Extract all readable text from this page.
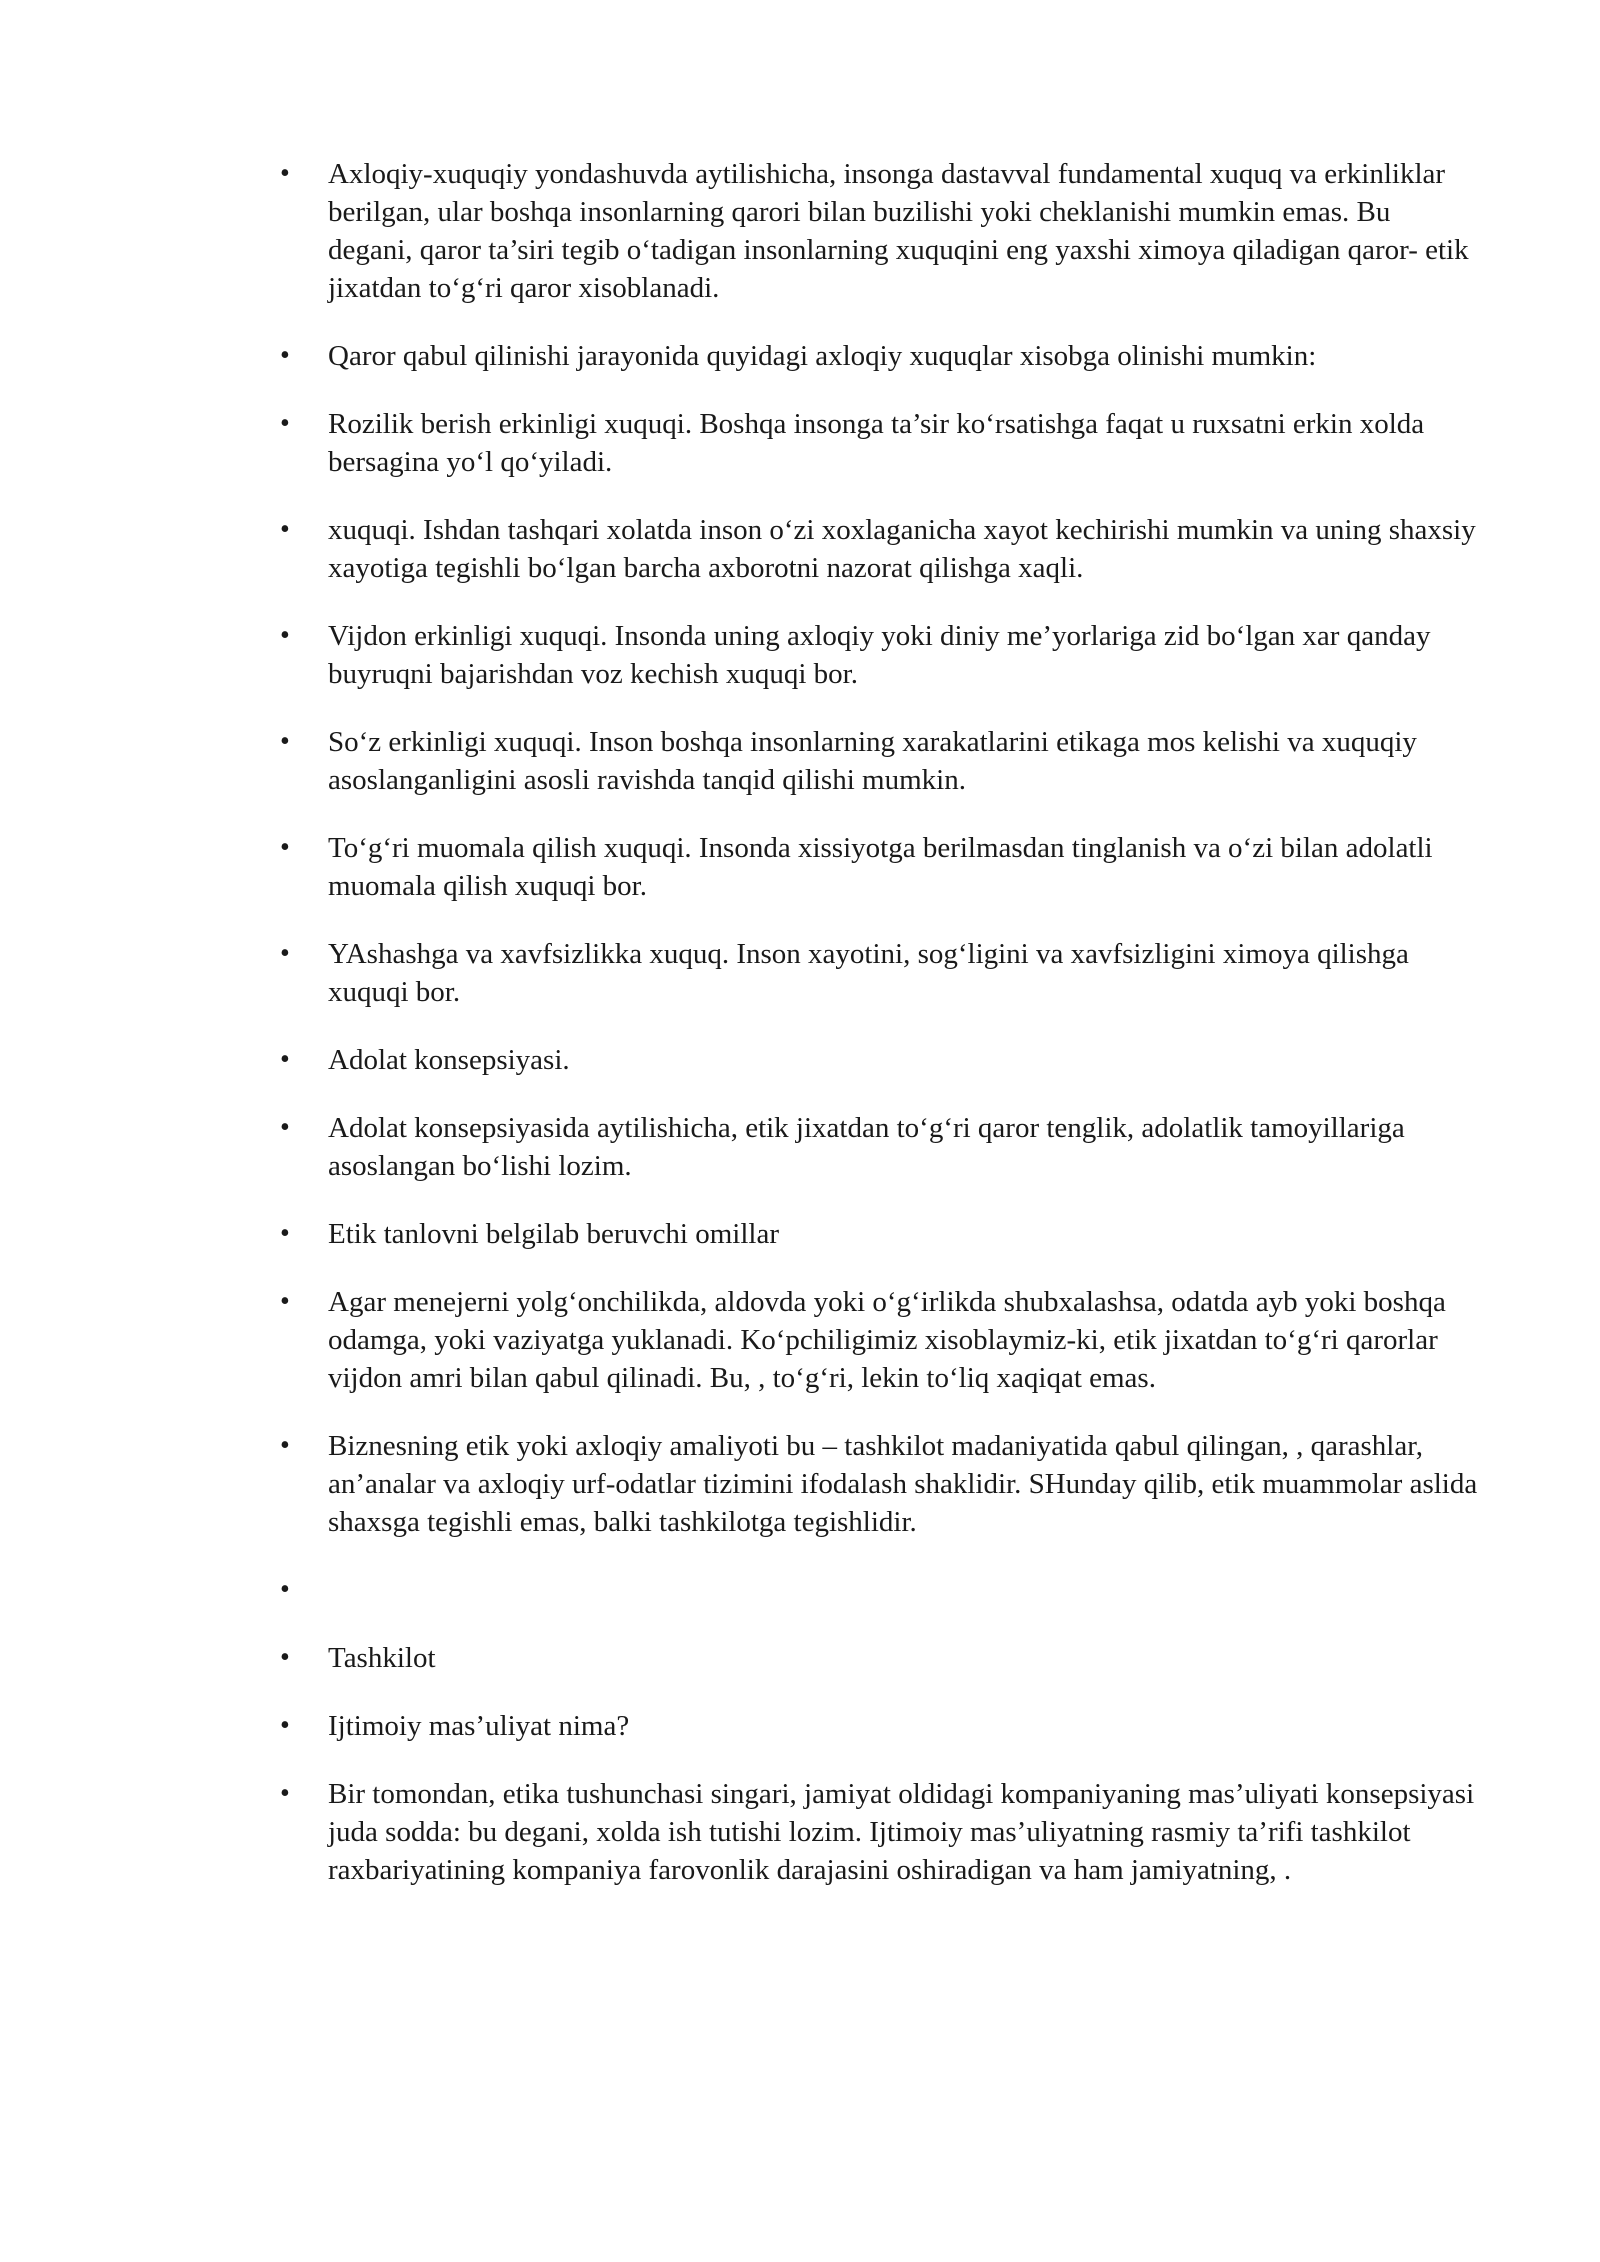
•	Axloqiy-xuquqiy yondashuvda aytilishicha, insonga dastavval fundamental xuquq va erkinliklar berilgan, ular boshqa insonlarning qarori bilan buzilishi yoki cheklanishi mumkin emas. Bu degani, qaror ta’siri tegib o‘tadigan insonlarning xuquqini eng yaxshi ximoya qiladigan qaror- etik jixatdan to‘g‘ri qaror xisoblanadi.
•	Qaror qabul qilinishi jarayonida quyidagi axloqiy xuquqlar xisobga olinishi mumkin:
•	Rozilik berish erkinligi xuquqi. Boshqa insonga ta’sir ko‘rsatishga faqat u ruxsatni erkin xolda bersagina yo‘l qo‘yiladi.
•	xuquqi. Ishdan tashqari xolatda inson o‘zi xoxlaganicha xayot kechirishi mumkin va uning shaxsiy xayotiga tegishli bo‘lgan barcha axborotni nazorat qilishga xaqli.
•	Vijdon erkinligi xuquqi. Insonda uning axloqiy yoki diniy me’yorlariga zid bo‘lgan xar qanday buyruqni bajarishdan voz kechish xuquqi bor.
•	So‘z erkinligi xuquqi. Inson boshqa insonlarning xarakatlarini etikaga mos kelishi va xuquqiy asoslanganligini asosli ravishda tanqid qilishi mumkin.
•	To‘g‘ri muomala qilish xuquqi. Insonda xissiyotga berilmasdan tinglanish va o‘zi bilan adolatli muomala qilish xuquqi bor.
•	YAshashga va xavfsizlikka xuquq. Inson xayotini, sog‘ligini va xavfsizligini ximoya qilishga xuquqi bor.
•	Adolat konsepsiyasi.
•	Adolat konsepsiyasida aytilishicha, etik jixatdan to‘g‘ri qaror tenglik, adolatlik tamoyillariga asoslangan bo‘lishi lozim.
•	Etik tanlovni belgilab beruvchi omillar
•	Agar menejerni yolg‘onchilikda, aldovda yoki o‘g‘irlikda shubxalashsa, odatda ayb yoki boshqa odamga, yoki vaziyatga yuklanadi. Ko‘pchiligimiz xisoblaymiz-ki, etik jixatdan to‘g‘ri qarorlar vijdon amri bilan qabul qilinadi. Bu, , to‘g‘ri, lekin to‘liq xaqiqat emas.
•	Biznesning etik yoki axloqiy amaliyoti bu – tashkilot madaniyatida qabul qilingan, , qarashlar, an’analar va axloqiy urf-odatlar tizimini ifodalash shaklidir. SHunday qilib, etik muammolar aslida shaxsga tegishli emas, balki tashkilotga tegishlidir.
•
•	Tashkilot
•	Ijtimoiy mas’uliyat nima?
•	Bir tomondan, etika tushunchasi singari, jamiyat oldidagi kompaniyaning mas’uliyati konsepsiyasi juda sodda: bu degani, xolda ish tutishi lozim. Ijtimoiy mas’uliyatning rasmiy ta’rifi tashkilot raxbariyatining kompaniya farovonlik darajasini oshiradigan va ham jamiyatning, .
